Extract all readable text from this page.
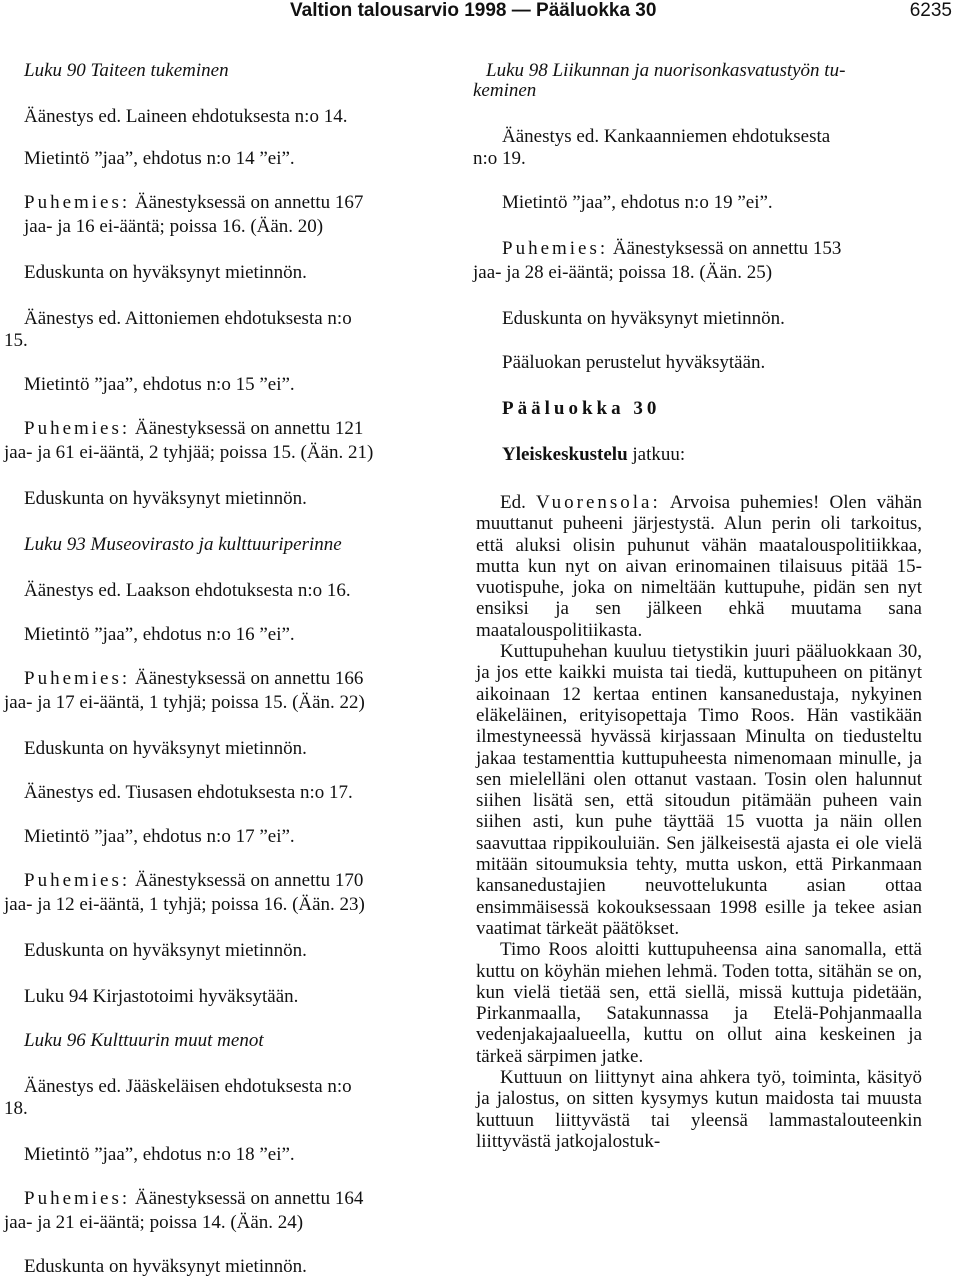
Valtion talousarvio 1998 — Pääluokka 30	6235

Luku 90 Taiteen tukeminen

Äänestys ed. Laineen ehdotuksesta n:o 14.

Mietintö ”jaa”, ehdotus n:o 14 ”ei”.

Puhemies: Äänestyksessä on annettu 167

jaa- ja 16 ei-ääntä; poissa 16. (Ään. 20)

Eduskunta on hyväksynyt mietinnön.

Äänestys ed. Aittoniemen ehdotuksesta n:o

15.

Mietintö ”jaa”, ehdotus n:o 15 ”ei”.

Puhemies: Äänestyksessä on annettu 121

jaa- ja 61 ei-ääntä, 2 tyhjää; poissa 15. (Ään. 21)

Eduskunta on hyväksynyt mietinnön.

Luku 93 Museovirasto ja kulttuuriperinne

Äänestys ed. Laakson ehdotuksesta n:o 16.

Mietintö ”jaa”, ehdotus n:o 16 ”ei”.

Puhemies: Äänestyksessä on annettu 166

jaa- ja 17 ei-ääntä, 1 tyhjä; poissa 15. (Ään. 22)

Eduskunta on hyväksynyt mietinnön.

Äänestys ed. Tiusasen ehdotuksesta n:o 17.

Mietintö ”jaa”, ehdotus n:o 17 ”ei”.

Puhemies: Äänestyksessä on annettu 170

jaa- ja 12 ei-ääntä, 1 tyhjä; poissa 16. (Ään. 23)

Eduskunta on hyväksynyt mietinnön.

Luku 94 Kirjastotoimi hyväksytään.

Luku 96 Kulttuurin muut menot

Äänestys ed. Jääskeläisen ehdotuksesta n:o

18.

Mietintö ”jaa”, ehdotus n:o 18 ”ei”.

Puhemies: Äänestyksessä on annettu 164

jaa- ja 21 ei-ääntä; poissa 14. (Ään. 24)

Eduskunta on hyväksynyt mietinnön.

Luku 98 Liikunnan ja nuorisonkasvatustyön tu-

keminen

Äänestys ed. Kankaanniemen ehdotuksesta

n:o 19.

Mietintö ”jaa”, ehdotus n:o 19 ”ei”.

Puhemies: Äänestyksessä on annettu 153

jaa- ja 28 ei-ääntä; poissa 18. (Ään. 25)

Eduskunta on hyväksynyt mietinnön.

Pääluokan perustelut hyväksytään.

Pääluokka 30

Yleiskeskustelu jatkuu:

Ed. Vuorensola: Arvoisa puhemies! Olen vähän muuttanut puheeni järjestystä. Alun perin oli tarkoitus, että aluksi olisin puhunut vähän maatalouspolitiikkaa, mutta kun nyt on aivan erinomainen tilaisuus pitää 15-vuotispuhe, joka on nimeltään kuttupuhe, pidän sen nyt ensiksi ja sen jälkeen ehkä muutama sana maatalouspolitiikasta.

Kuttupuhehan kuuluu tietystikin juuri pääluokkaan 30, ja jos ette kaikki muista tai tiedä, kuttupuheen on pitänyt aikoinaan 12 kertaa entinen kansanedustaja, nykyinen eläkeläinen, erityisopettaja Timo Roos. Hän vastikään ilmestyneessä hyvässä kirjassaan Minulta on tiedusteltu jakaa testamenttia kuttupuheesta nimenomaan minulle, ja sen mielelläni olen ottanut vastaan. Tosin olen halunnut siihen lisätä sen, että sitoudun pitämään puheen vain siihen asti, kun puhe täyttää 15 vuotta ja näin ollen saavuttaa rippikouluiän. Sen jälkeisestä ajasta ei ole vielä mitään sitoumuksia tehty, mutta uskon, että Pirkanmaan kansanedustajien neuvottelukunta asian ottaa ensimmäisessä kokouksessaan 1998 esille ja tekee asian vaatimat tärkeät päätökset.

Timo Roos aloitti kuttupuheensa aina sanomalla, että kuttu on köyhän miehen lehmä. Toden totta, sitähän se on, kun vielä tietää sen, että siellä, missä kuttuja pidetään, Pirkanmaalla, Satakunnassa ja Etelä-Pohjanmaalla vedenjakajaalueella, kuttu on ollut aina keskeinen ja tärkeä särpimen jatke.

Kuttuun on liittynyt aina ahkera työ, toiminta, käsityö ja jalostus, on sitten kysymys kutun maidosta tai muusta kuttuun liittyvästä tai yleensä lammastalouteenkin liittyvästä jatkojalostuk-
